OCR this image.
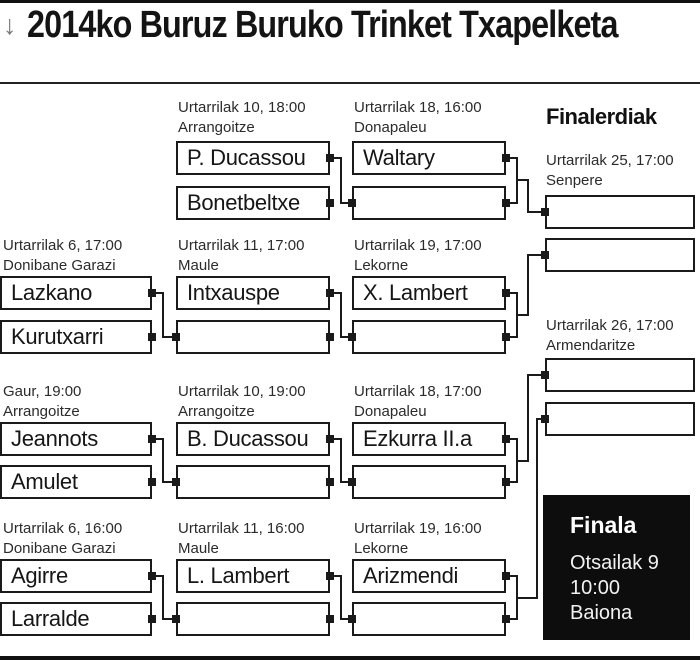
↓ 2014ko Buruz Buruko Trinket Txapelketa
Finalerdiak
Urtarrilak 10, 18:00
Arrangoitze
P. Ducassou
Bonetbeltxe
Urtarrilak 18, 16:00
Donapaleu
Waltary
Urtarrilak 6, 17:00
Donibane Garazi
Lazkano
Kurutxarri
Urtarrilak 11, 17:00
Maule
Intxauspe
Urtarrilak 19, 17:00
Lekorne
X. Lambert
Gaur, 19:00
Arrangoitze
Jeannots
Amulet
Urtarrilak 10, 19:00
Arrangoitze
B. Ducassou
Urtarrilak 18, 17:00
Donapaleu
Ezkurra II.a
Urtarrilak 6, 16:00
Donibane Garazi
Agirre
Larralde
Urtarrilak 11, 16:00
Maule
L. Lambert
Urtarrilak 19, 16:00
Lekorne
Arizmendi
Urtarrilak 25, 17:00
Senpere
Urtarrilak 26, 17:00
Armendaritze
Finala
Otsailak 9
10:00
Baiona
